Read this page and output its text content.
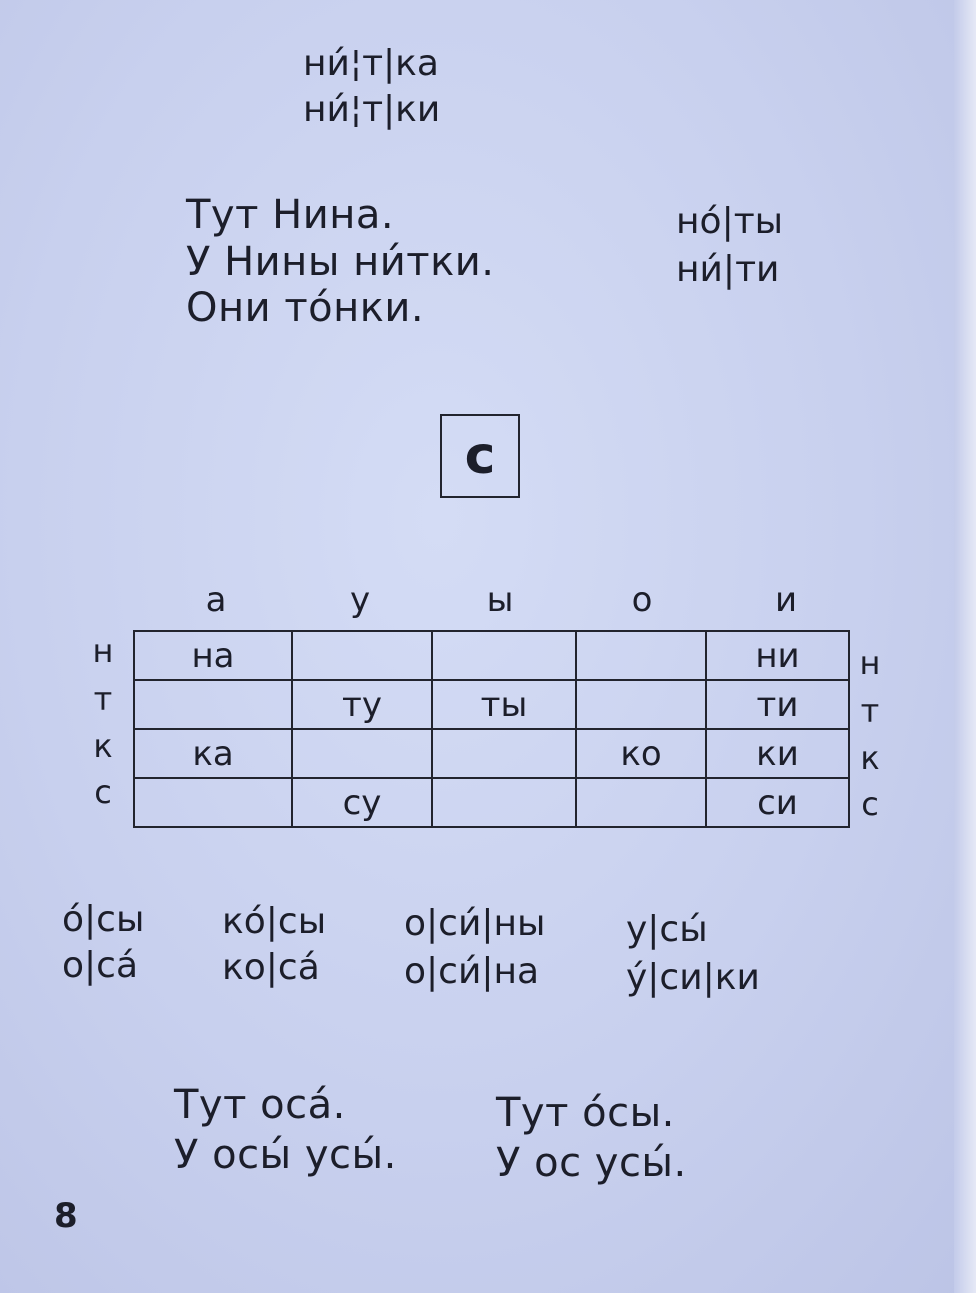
ни́¦т|ка
ни́¦т|ки
Тут Нина.
У Нины ни́тки.
Они то́нки.
но́|ты
ни́|ти
с
а	у	ы	о	и
н
т
к
с
н
т
к
с
на				ни
	ту	ты		ти
ка			ко	ки
	су			си
о́|сы
о|са́
ко́|сы
ко|са́
о|си́|ны
о|си́|на
у|сы́
у́|си|ки
Тут оса́.
У осы́ усы́.
Тут о́сы.
У ос усы́.
8
